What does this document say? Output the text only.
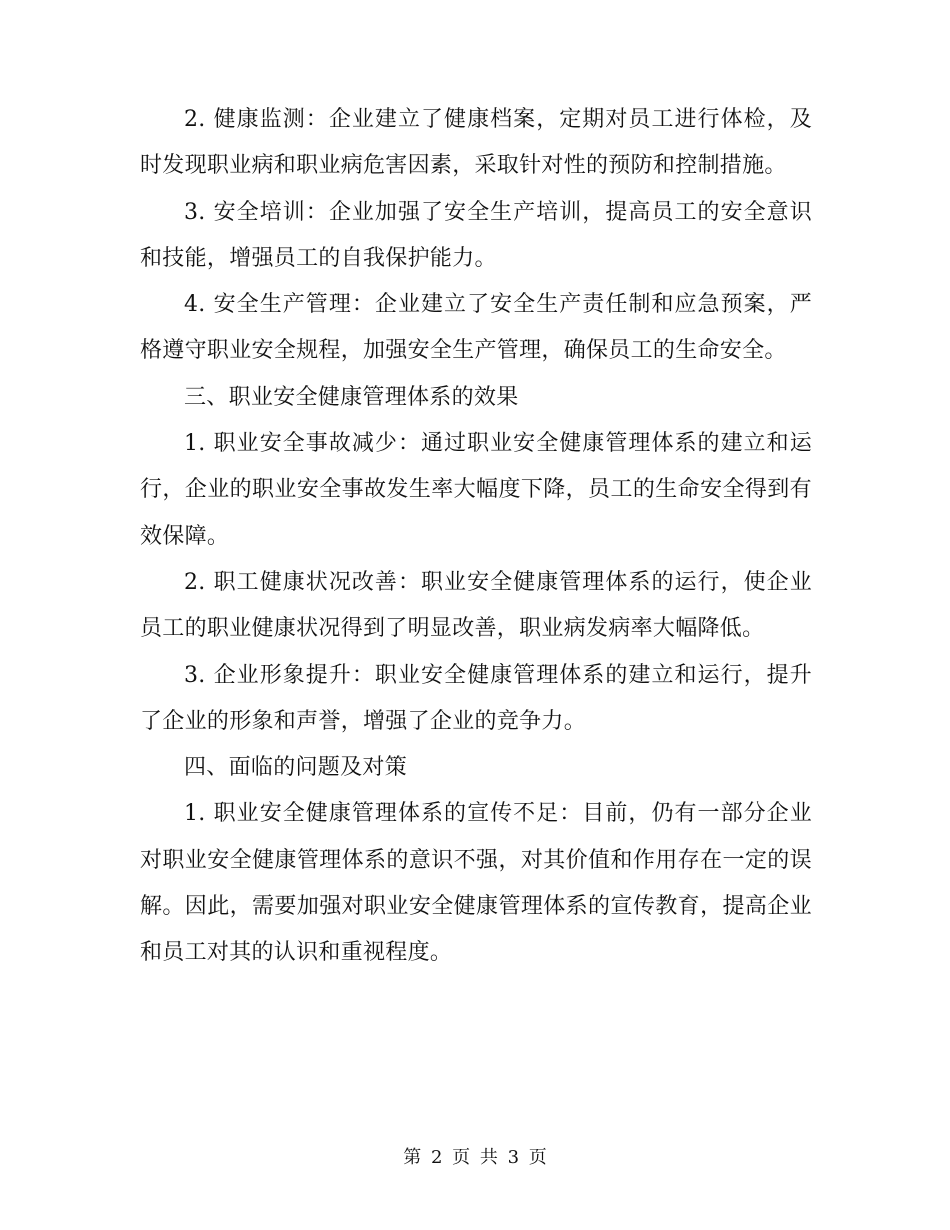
2. 健康监测：企业建立了健康档案，定期对员工进行体检，及时发现职业病和职业病危害因素，采取针对性的预防和控制措施。

3. 安全培训：企业加强了安全生产培训，提高员工的安全意识和技能，增强员工的自我保护能力。

4. 安全生产管理：企业建立了安全生产责任制和应急预案，严格遵守职业安全规程，加强安全生产管理，确保员工的生命安全。

三、职业安全健康管理体系的效果

1. 职业安全事故减少：通过职业安全健康管理体系的建立和运行，企业的职业安全事故发生率大幅度下降，员工的生命安全得到有效保障。

2. 职工健康状况改善：职业安全健康管理体系的运行，使企业员工的职业健康状况得到了明显改善，职业病发病率大幅降低。

3. 企业形象提升：职业安全健康管理体系的建立和运行，提升了企业的形象和声誉，增强了企业的竞争力。

四、面临的问题及对策

1. 职业安全健康管理体系的宣传不足：目前，仍有一部分企业对职业安全健康管理体系的意识不强，对其价值和作用存在一定的误解。因此，需要加强对职业安全健康管理体系的宣传教育，提高企业和员工对其的认识和重视程度。

第 2 页 共 3 页
